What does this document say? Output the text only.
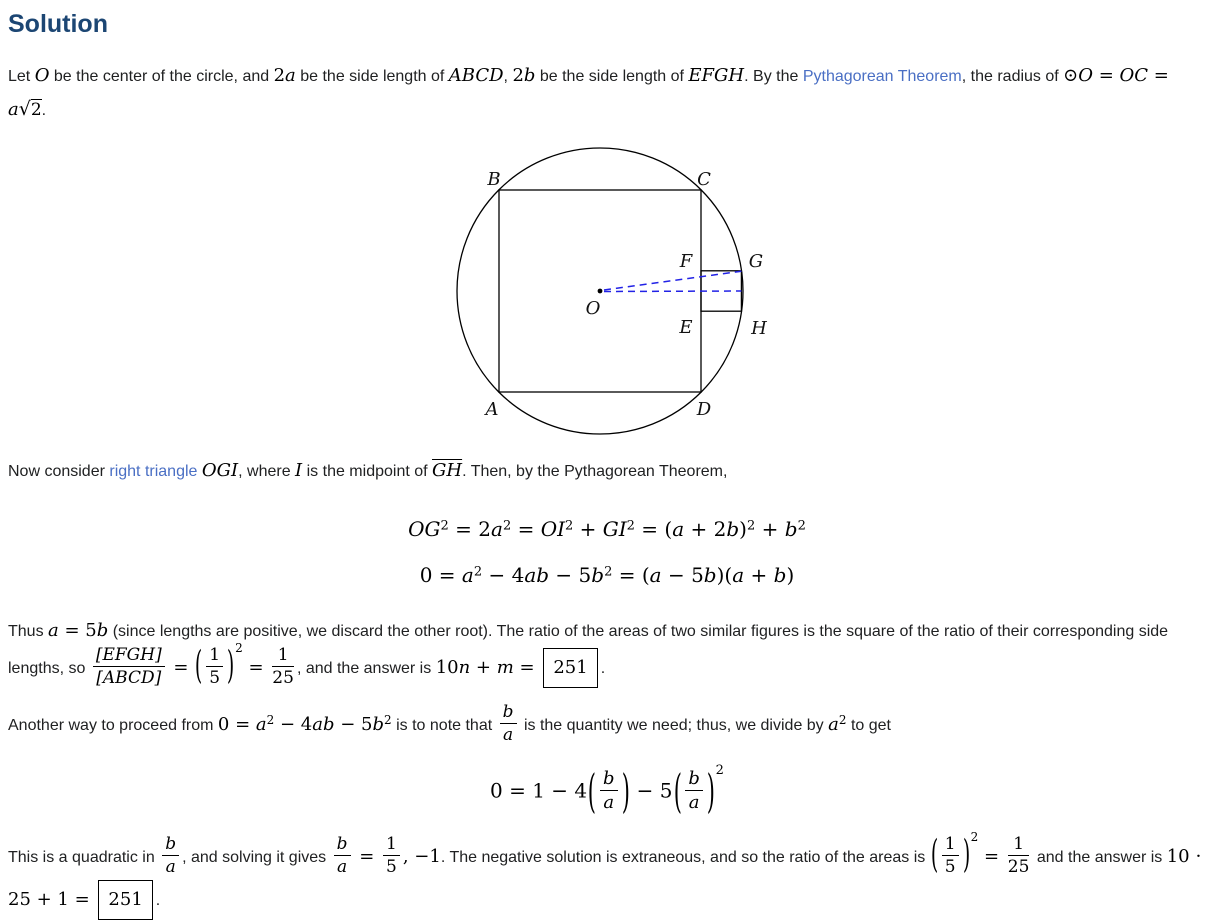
Solution

Let O be the center of the circle, and 2a be the side length of ABCD, 2b be the side length of EFGH. By the Pythagorean Theorem, the radius of ⊙O = OC = a√2.

B	C
A	D
F	G
E	H
O

Now consider right triangle OGI, where I is the midpoint of $\overline{GH}$. Then, by the Pythagorean Theorem,

$OG^2 = 2a^2 = OI^2 + GI^2 = (a + 2b)^2 + b^2$
$0 = a^2 - 4ab - 5b^2 = (a - 5b)(a + b)$

Thus a = 5b (since lengths are positive, we discard the other root). The ratio of the areas of two similar figures is the square of the ratio of their corresponding side lengths, so $\frac{\text{[EFGH]}}{\text{[ABCD]}}$ = ( $\frac{1}{5} )^2 = \frac{1}{25}$ , and the answer is 10n + m = 251 .

Another way to proceed from $0 = a^2 - 4ab - 5b^2$ is to note that $\frac{b}{a}$ is the quantity we need; thus, we divide by $a^2$ to get

$0 = 1 - 4( \frac{b}{a}$ ) − $5( \frac{b}{a} )^2$

This is a quadratic in $\frac{b}{a}$ , and solving it gives $\frac{b}{a} = \frac{1}{5}$ , −1. The negative solution is extraneous, and so the ratio of the areas is ( $\frac{1}{5} )^2 = \frac{1}{25}$ and the answer is 10 ⋅ 25 + 1 = 251 .
